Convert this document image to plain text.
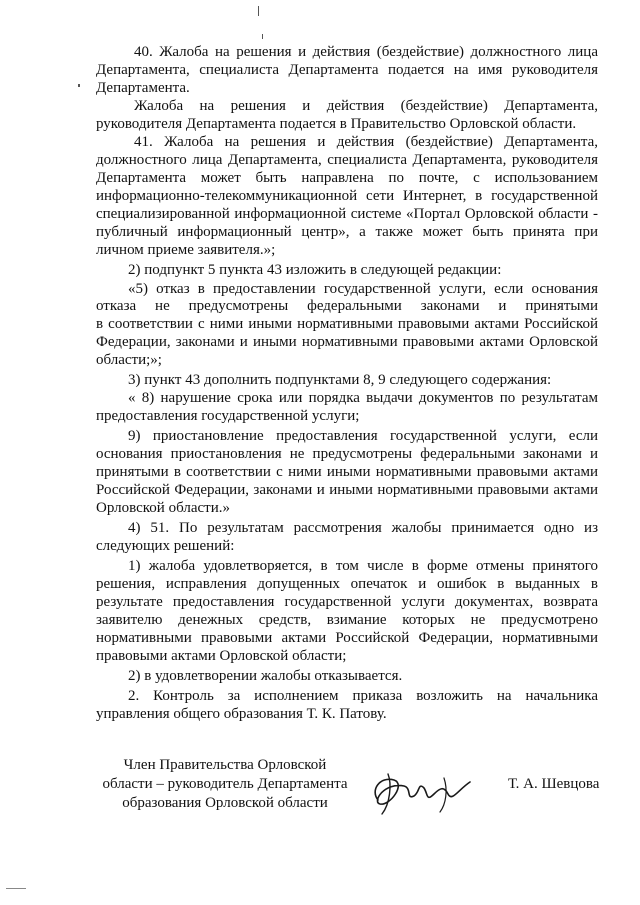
40. Жалоба на решения и действия (бездействие) должностного лица
Департамента, специалиста Департамента подается на имя руководителя
Департамента.
Жалоба на решения и действия (бездействие) Департамента,
руководителя Департамента подается в Правительство Орловской области.
41. Жалоба на решения и действия (бездействие) Департамента,
должностного лица Департамента, специалиста Департамента, руководителя
Департамента может быть направлена по почте, с использованием
информационно-телекоммуникационной сети Интернет, в государственной
специализированной информационной системе «Портал Орловской области -
публичный информационный центр», а также может быть принята при
личном приеме заявителя.»;
2) подпункт 5 пункта 43 изложить в следующей редакции:
«5) отказ в предоставлении государственной услуги, если основания
отказа не предусмотрены федеральными законами и принятыми
в соответствии с ними иными нормативными правовыми актами Российской
Федерации, законами и иными нормативными правовыми актами Орловской
области;»;
3) пункт 43 дополнить подпунктами 8, 9 следующего содержания:
« 8) нарушение срока или порядка выдачи документов по результатам
предоставления государственной услуги;
9) приостановление предоставления государственной услуги, если
основания приостановления не предусмотрены федеральными законами и
принятыми в соответствии с ними иными нормативными правовыми актами
Российской Федерации, законами и иными нормативными правовыми актами
Орловской области.»
4) 51. По результатам рассмотрения жалобы принимается одно из
следующих решений:
1) жалоба удовлетворяется, в том числе в форме отмены принятого
решения, исправления допущенных опечаток и ошибок в выданных в
результате предоставления государственной услуги документах, возврата
заявителю денежных средств, взимание которых не предусмотрено
нормативными правовыми актами Российской Федерации, нормативными
правовыми актами Орловской области;
2) в удовлетворении жалобы отказывается.
2. Контроль за исполнением приказа возложить на начальника
управления общего образования Т. К. Патову.
Член Правительства Орловской
области – руководитель Департамента
образования Орловской области
Т. А. Шевцова
